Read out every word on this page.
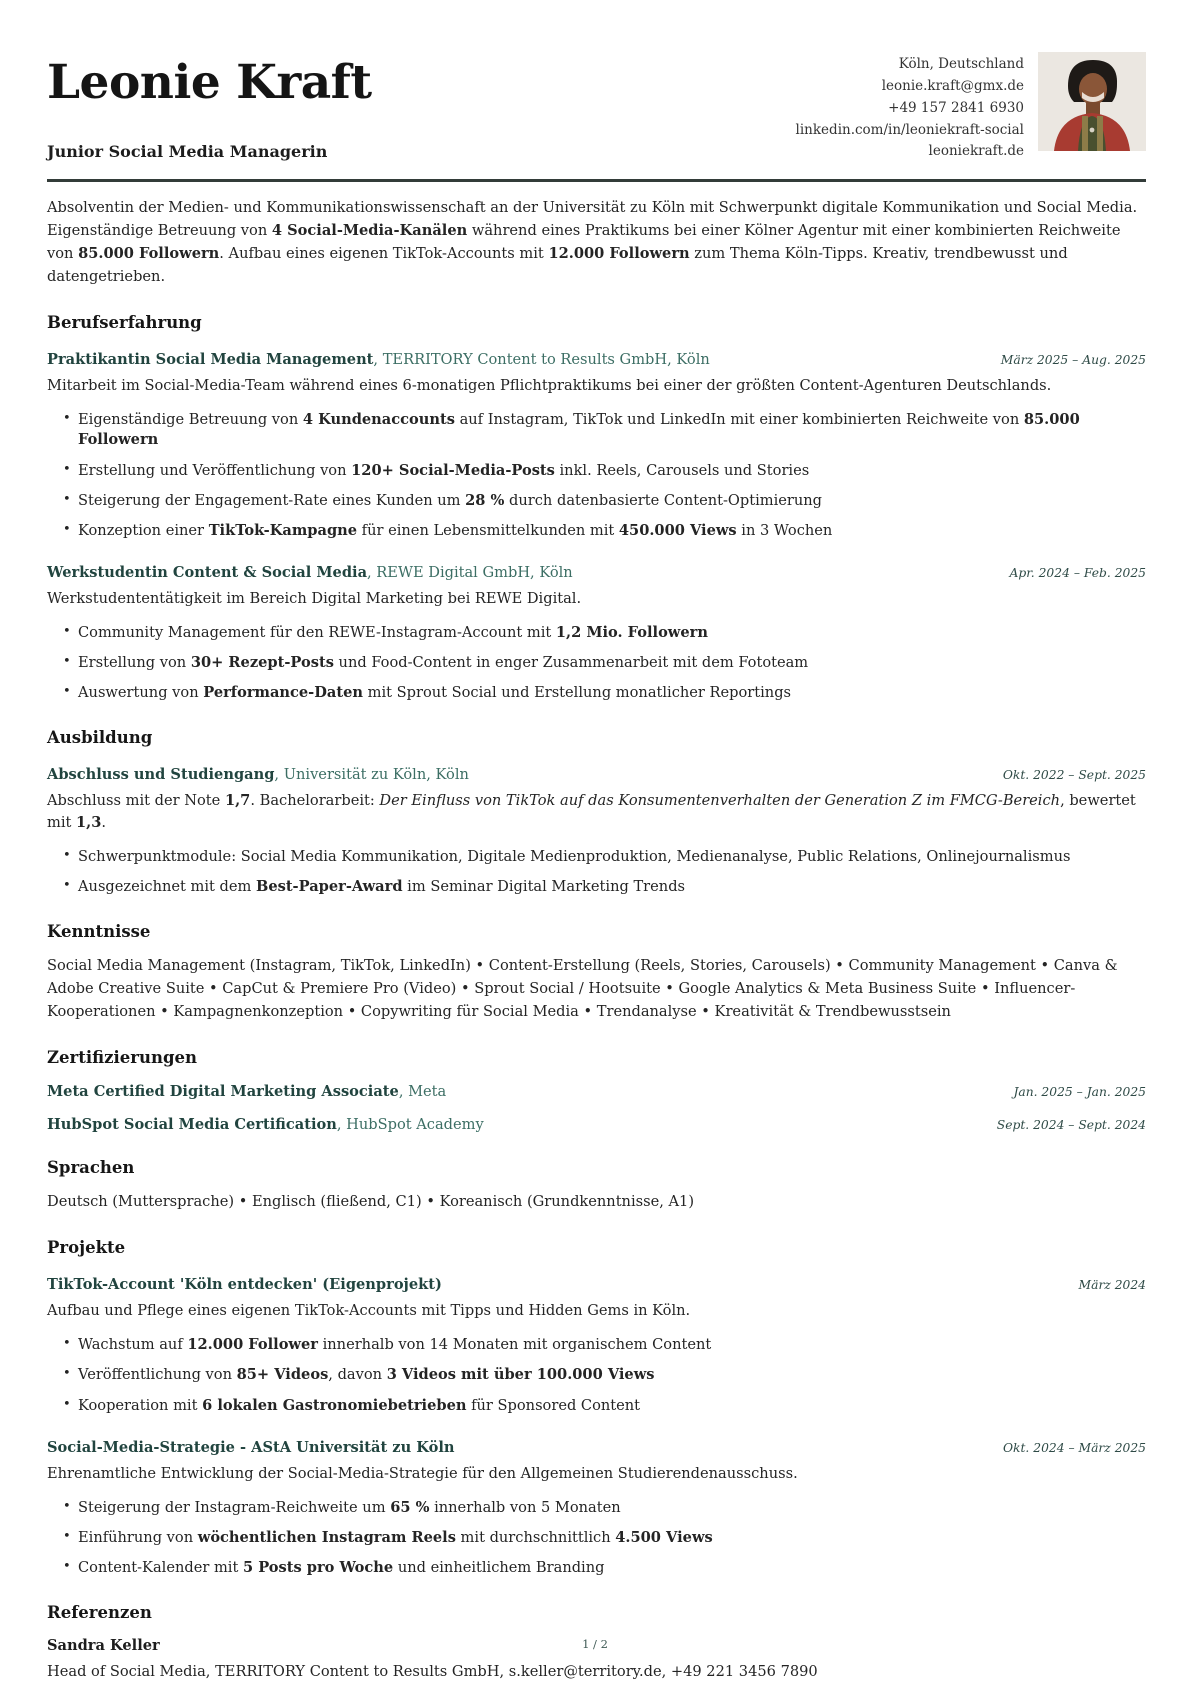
Leonie Kraft
Junior Social Media Managerin
Köln, Deutschland
leonie.kraft@gmx.de
+49 157 2841 6930
linkedin.com/in/leoniekraft-social
leoniekraft.de

Absolventin der Medien- und Kommunikationswissenschaft an der Universität zu Köln mit Schwerpunkt digitale Kommunikation und Social Media. Eigenständige Betreuung von 4 Social-Media-Kanälen während eines Praktikums bei einer Kölner Agentur mit einer kombinierten Reichweite von 85.000 Followern. Aufbau eines eigenen TikTok-Accounts mit 12.000 Followern zum Thema Köln-Tipps. Kreativ, trendbewusst und datengetrieben.

Berufserfahrung
Praktikantin Social Media Management, TERRITORY Content to Results GmbH, Köln	März 2025 – Aug. 2025

Mitarbeit im Social-Media-Team während eines 6-monatigen Pflichtpraktikums bei einer der größten Content-Agenturen Deutschlands.

• Eigenständige Betreuung von 4 Kundenaccounts auf Instagram, TikTok und LinkedIn mit einer kombinierten Reichweite von 85.000 Followern
• Erstellung und Veröffentlichung von 120+ Social-Media-Posts inkl. Reels, Carousels und Stories
• Steigerung der Engagement-Rate eines Kunden um 28 % durch datenbasierte Content-Optimierung
• Konzeption einer TikTok-Kampagne für einen Lebensmittelkunden mit 450.000 Views in 3 Wochen
Werkstudentin Content & Social Media, REWE Digital GmbH, Köln	Apr. 2024 – Feb. 2025

Werkstudententätigkeit im Bereich Digital Marketing bei REWE Digital.

• Community Management für den REWE-Instagram-Account mit 1,2 Mio. Followern
• Erstellung von 30+ Rezept-Posts und Food-Content in enger Zusammenarbeit mit dem Fototeam
• Auswertung von Performance-Daten mit Sprout Social und Erstellung monatlicher Reportings
Ausbildung
Abschluss und Studiengang, Universität zu Köln, Köln	Okt. 2022 – Sept. 2025

Abschluss mit der Note 1,7. Bachelorarbeit: Der Einfluss von TikTok auf das Konsumentenverhalten der Generation Z im FMCG-Bereich, bewertet mit 1,3.

• Schwerpunktmodule: Social Media Kommunikation, Digitale Medienproduktion, Medienanalyse, Public Relations, Onlinejournalismus
• Ausgezeichnet mit dem Best-Paper-Award im Seminar Digital Marketing Trends
Kenntnisse

Social Media Management (Instagram, TikTok, LinkedIn) • Content-Erstellung (Reels, Stories, Carousels) • Community Management • Canva & Adobe Creative Suite • CapCut & Premiere Pro (Video) • Sprout Social / Hootsuite • Google Analytics & Meta Business Suite • Influencer-Kooperationen • Kampagnenkonzeption • Copywriting für Social Media • Trendanalyse • Kreativität & Trendbewusstsein

Zertifizierungen
Meta Certified Digital Marketing Associate, Meta	Jan. 2025 – Jan. 2025
HubSpot Social Media Certification, HubSpot Academy	Sept. 2024 – Sept. 2024
Sprachen

Deutsch (Muttersprache) • Englisch (fließend, C1) • Koreanisch (Grundkenntnisse, A1)

Projekte
TikTok-Account 'Köln entdecken' (Eigenprojekt)	März 2024

Aufbau und Pflege eines eigenen TikTok-Accounts mit Tipps und Hidden Gems in Köln.

• Wachstum auf 12.000 Follower innerhalb von 14 Monaten mit organischem Content
• Veröffentlichung von 85+ Videos, davon 3 Videos mit über 100.000 Views
• Kooperation mit 6 lokalen Gastronomiebetrieben für Sponsored Content
Social-Media-Strategie - AStA Universität zu Köln	Okt. 2024 – März 2025

Ehrenamtliche Entwicklung der Social-Media-Strategie für den Allgemeinen Studierendenausschuss.

• Steigerung der Instagram-Reichweite um 65 % innerhalb von 5 Monaten
• Einführung von wöchentlichen Instagram Reels mit durchschnittlich 4.500 Views
• Content-Kalender mit 5 Posts pro Woche und einheitlichem Branding
Referenzen

Sandra Keller

Head of Social Media, TERRITORY Content to Results GmbH, s.keller@territory.de, +49 221 3456 7890

1 / 2
